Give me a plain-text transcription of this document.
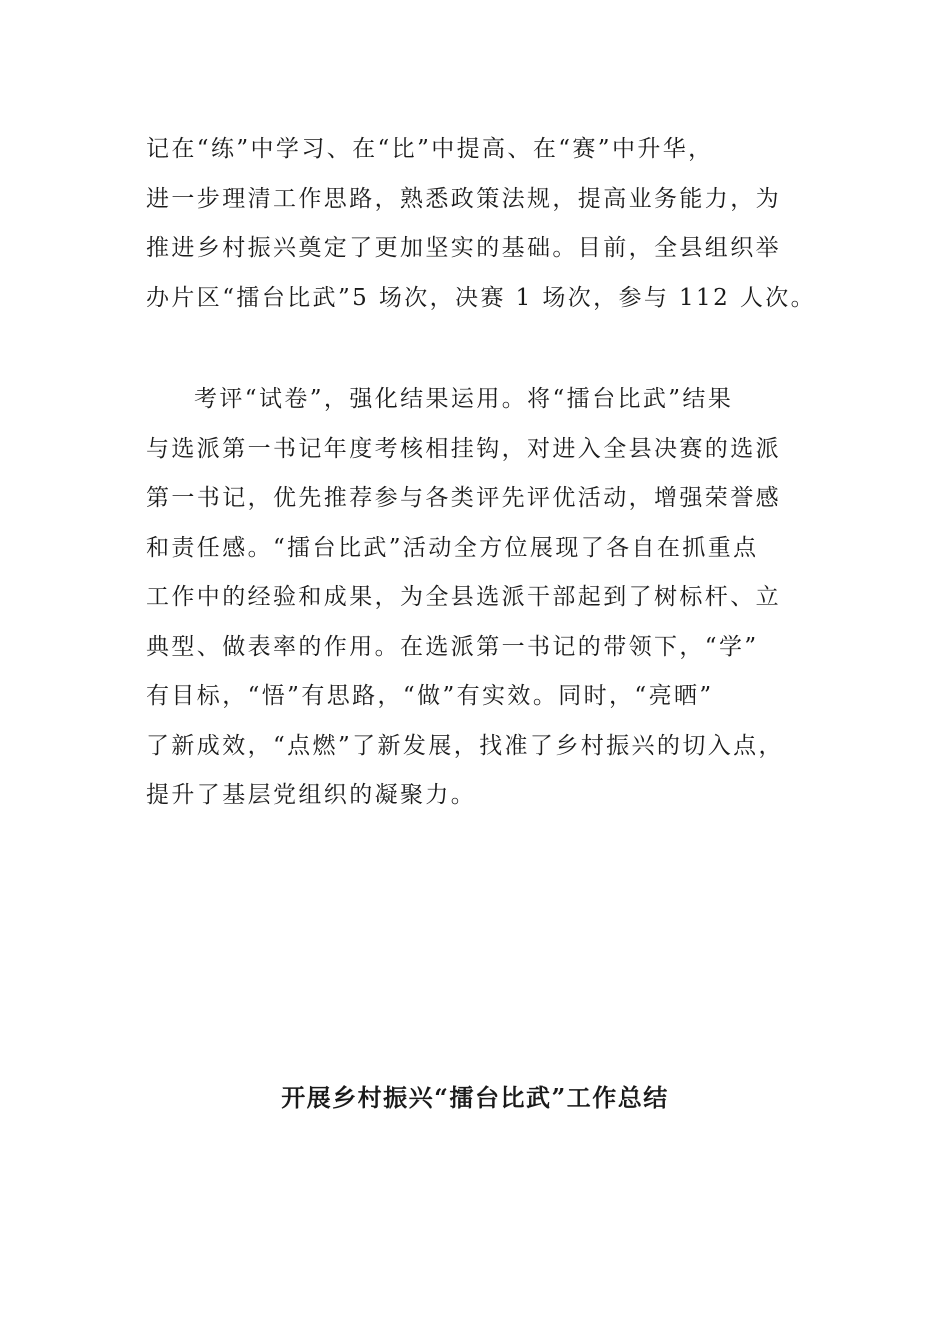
记在“练”中学习、在“比”中提高、在“赛”中升华，
进一步理清工作思路，熟悉政策法规，提高业务能力，为
推进乡村振兴奠定了更加坚实的基础。目前，全县组织举
办片区“擂台比武”5 场次，决赛 1 场次，参与 112 人次。

考评“试卷”，强化结果运用。将“擂台比武”结果
与选派第一书记年度考核相挂钩，对进入全县决赛的选派
第一书记，优先推荐参与各类评先评优活动，增强荣誉感
和责任感。“擂台比武”活动全方位展现了各自在抓重点
工作中的经验和成果，为全县选派干部起到了树标杆、立
典型、做表率的作用。在选派第一书记的带领下，“学”
有目标，“悟”有思路，“做”有实效。同时，“亮晒”
了新成效，“点燃”了新发展，找准了乡村振兴的切入点，
提升了基层党组织的凝聚力。

开展乡村振兴“擂台比武”工作总结
